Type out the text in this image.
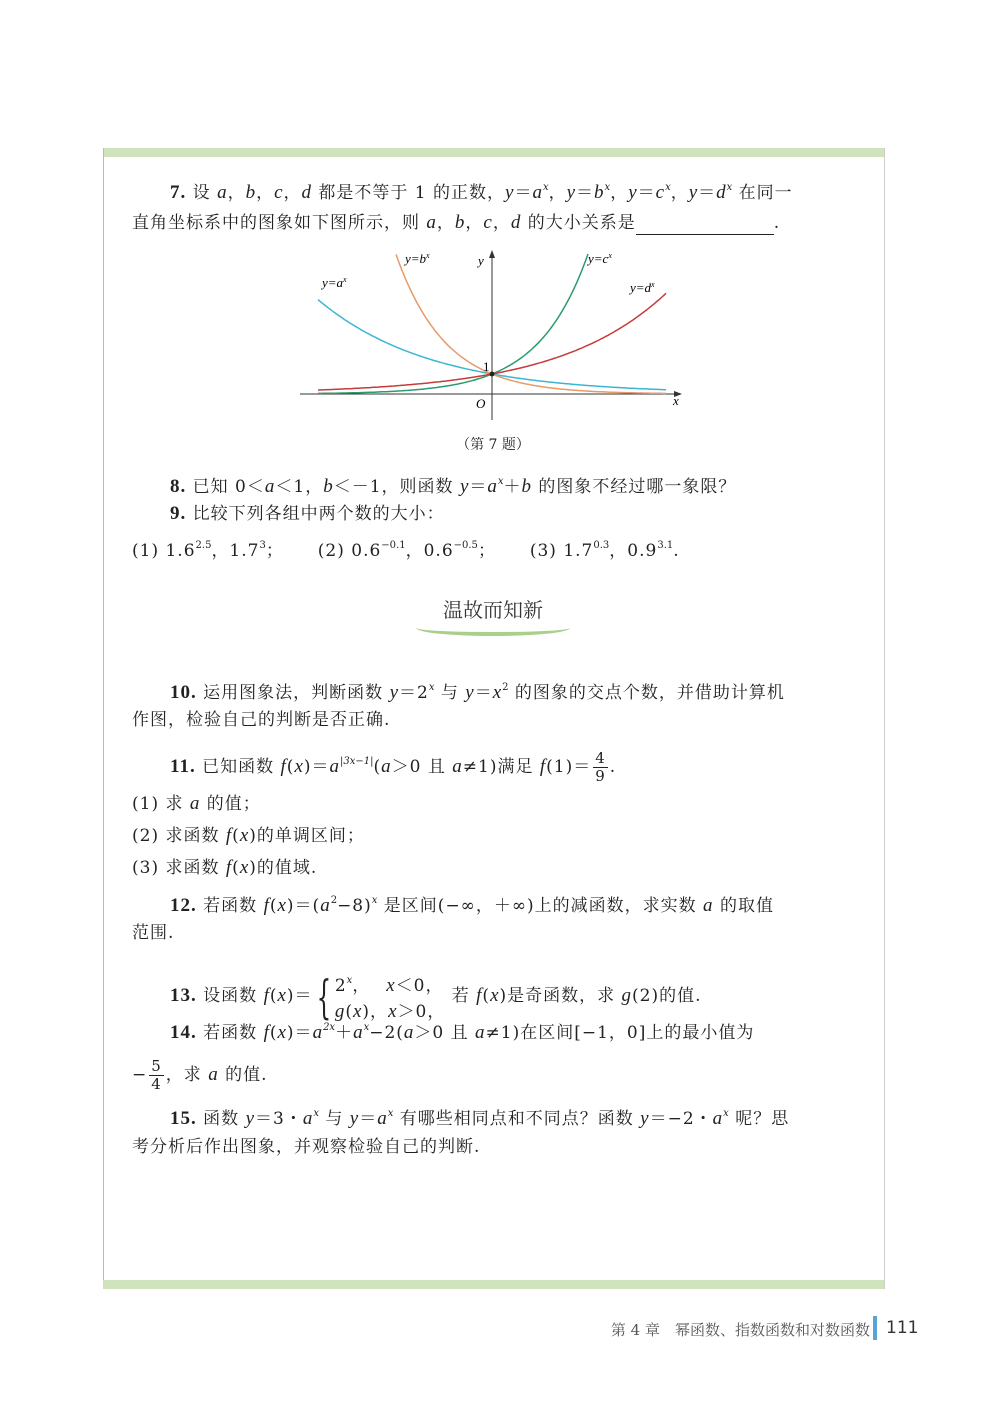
7. 设 a，b，c，d 都是不等于 1 的正数，$y=a^x$，$y=b^x$，$y=c^x$，$y=d^x$ 在同一
直角坐标系中的图象如下图所示，则 a，b，c，d 的大小关系是	.
8. 已知 0＜a＜1，b＜－1，则函数 $y=a^x+b$ 的图象不经过哪一象限？
9. 比较下列各组中两个数的大小：
(1) $1.6^{2.5}$，$1.7^3$；　　 (2) $0.6^{-0.1}$，$0.6^{-0.5}$；　　 (3) $1.7^{0.3}$，$0.9^{3.1}$.
10. 运用图象法，判断函数 $y=2^x$ 与 $y=x^2$ 的图象的交点个数，并借助计算机
作图，检验自己的判断是否正确.
11. 已知函数 $f(x)=a^{|3x-1|}(a>0$ 且 a≠1)满足 $f(1)= \frac{4}{9}$ .
(1) 求 a 的值；
(2) 求函数 f(x)的单调区间；
(3) 求函数 f(x)的值域.
12. 若函数 $f(x)=(a^2-8)^x$ 是区间(−∞，＋∞)上的减函数，求实数 a 的取值
范围.
13. 设函数 f(x)＝ { 2$^x$，　 x＜0，
g(x)，x＞0，
若 f(x)是奇函数，求 g(2)的值.
14. 若函数 $f(x)=a^{2x}+a^x-2(a>0$ 且 a≠1)在区间[−1，0]上的最小值为
− $\frac{5}{4}$ ，求 a 的值.
15. 函数 y＝3・$a^x$ 与 $y=a^x$ 有哪些相同点和不同点？函数 y＝−2・$a^x$ 呢？思
考分析后作出图象，并观察检验自己的判断.
x
y
O
1
$y=a^x$
$y=b^x$	$y=c^x$
$y=d^x$
（第 7 题）
温故而知新
第 4 章　幂函数、指数函数和对数函数 111
